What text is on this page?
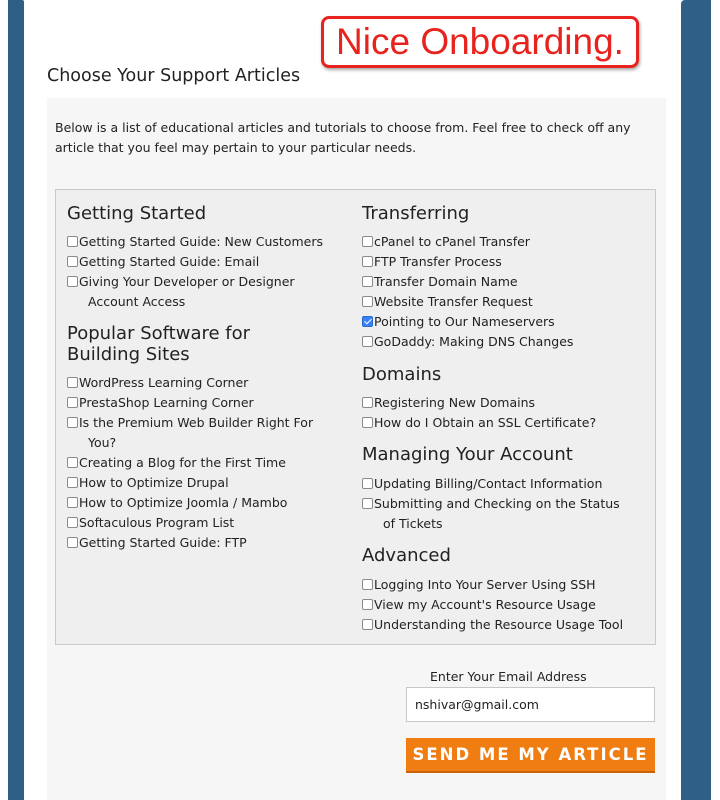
Nice Onboarding.
Choose Your Support Articles

Below is a list of educational articles and tutorials to choose from. Feel free to check off any article that you feel may pertain to your particular needs.

Getting Started
Getting Started Guide: New Customers
Getting Started Guide: Email
Giving Your Developer or Designer
Account Access
Popular Software for
Building Sites
WordPress Learning Corner
PrestaShop Learning Corner
Is the Premium Web Builder Right For
You?
Creating a Blog for the First Time
How to Optimize Drupal
How to Optimize Joomla / Mambo
Softaculous Program List
Getting Started Guide: FTP
Transferring
cPanel to cPanel Transfer
FTP Transfer Process
Transfer Domain Name
Website Transfer Request
Pointing to Our Nameservers
GoDaddy: Making DNS Changes
Domains
Registering New Domains
How do I Obtain an SSL Certificate?
Managing Your Account
Updating Billing/Contact Information
Submitting and Checking on the Status
of Tickets
Advanced
Logging Into Your Server Using SSH
View my Account's Resource Usage
Understanding the Resource Usage Tool
Enter Your Email Address
nshivar@gmail.com
SEND ME MY ARTICLE
